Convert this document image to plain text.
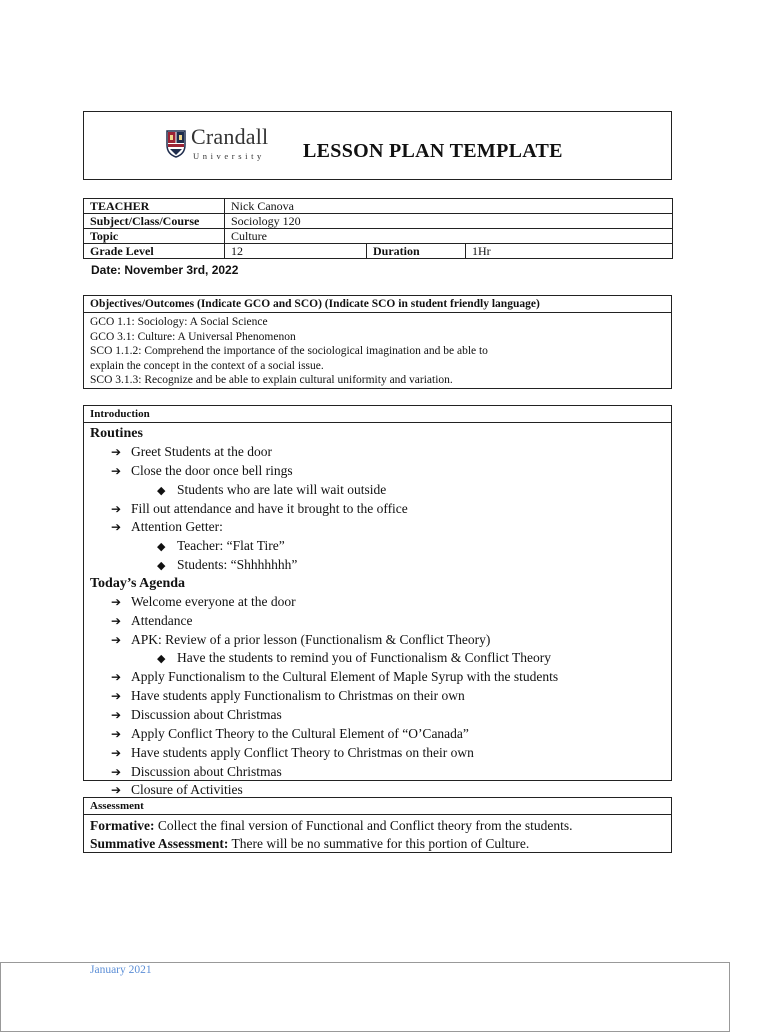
Crandall
University LESSON PLAN TEMPLATE
TEACHER	Nick Canova		
Subject/Class/Course	Sociology 120		
Topic	Culture		
Grade Level	12	Duration	1Hr
Date: November 3rd, 2022
Objectives/Outcomes (Indicate GCO and SCO) (Indicate SCO in student friendly language)
GCO 1.1: Sociology: A Social Science
GCO 3.1: Culture: A Universal Phenomenon
SCO 1.1.2: Comprehend the importance of the sociological imagination and be able to
explain the concept in the context of a social issue.
SCO 3.1.3: Recognize and be able to explain cultural uniformity and variation.
Introduction
Routines
➔ Greet Students at the door
➔ Close the door once bell rings
◆ Students who are late will wait outside
➔ Fill out attendance and have it brought to the office
➔ Attention Getter:
◆ Teacher: “Flat Tire”
◆ Students: “Shhhhhhh”
Today’s Agenda
➔ Welcome everyone at the door
➔ Attendance
➔ APK: Review of a prior lesson (Functionalism & Conflict Theory)
◆ Have the students to remind you of Functionalism & Conflict Theory
➔ Apply Functionalism to the Cultural Element of Maple Syrup with the students
➔ Have students apply Functionalism to Christmas on their own
➔ Discussion about Christmas
➔ Apply Conflict Theory to the Cultural Element of “O’Canada”
➔ Have students apply Conflict Theory to Christmas on their own
➔ Discussion about Christmas
➔ Closure of Activities
Assessment
Formative: Collect the final version of Functional and Conflict theory from the students.
Summative Assessment: There will be no summative for this portion of Culture.
January 2021
